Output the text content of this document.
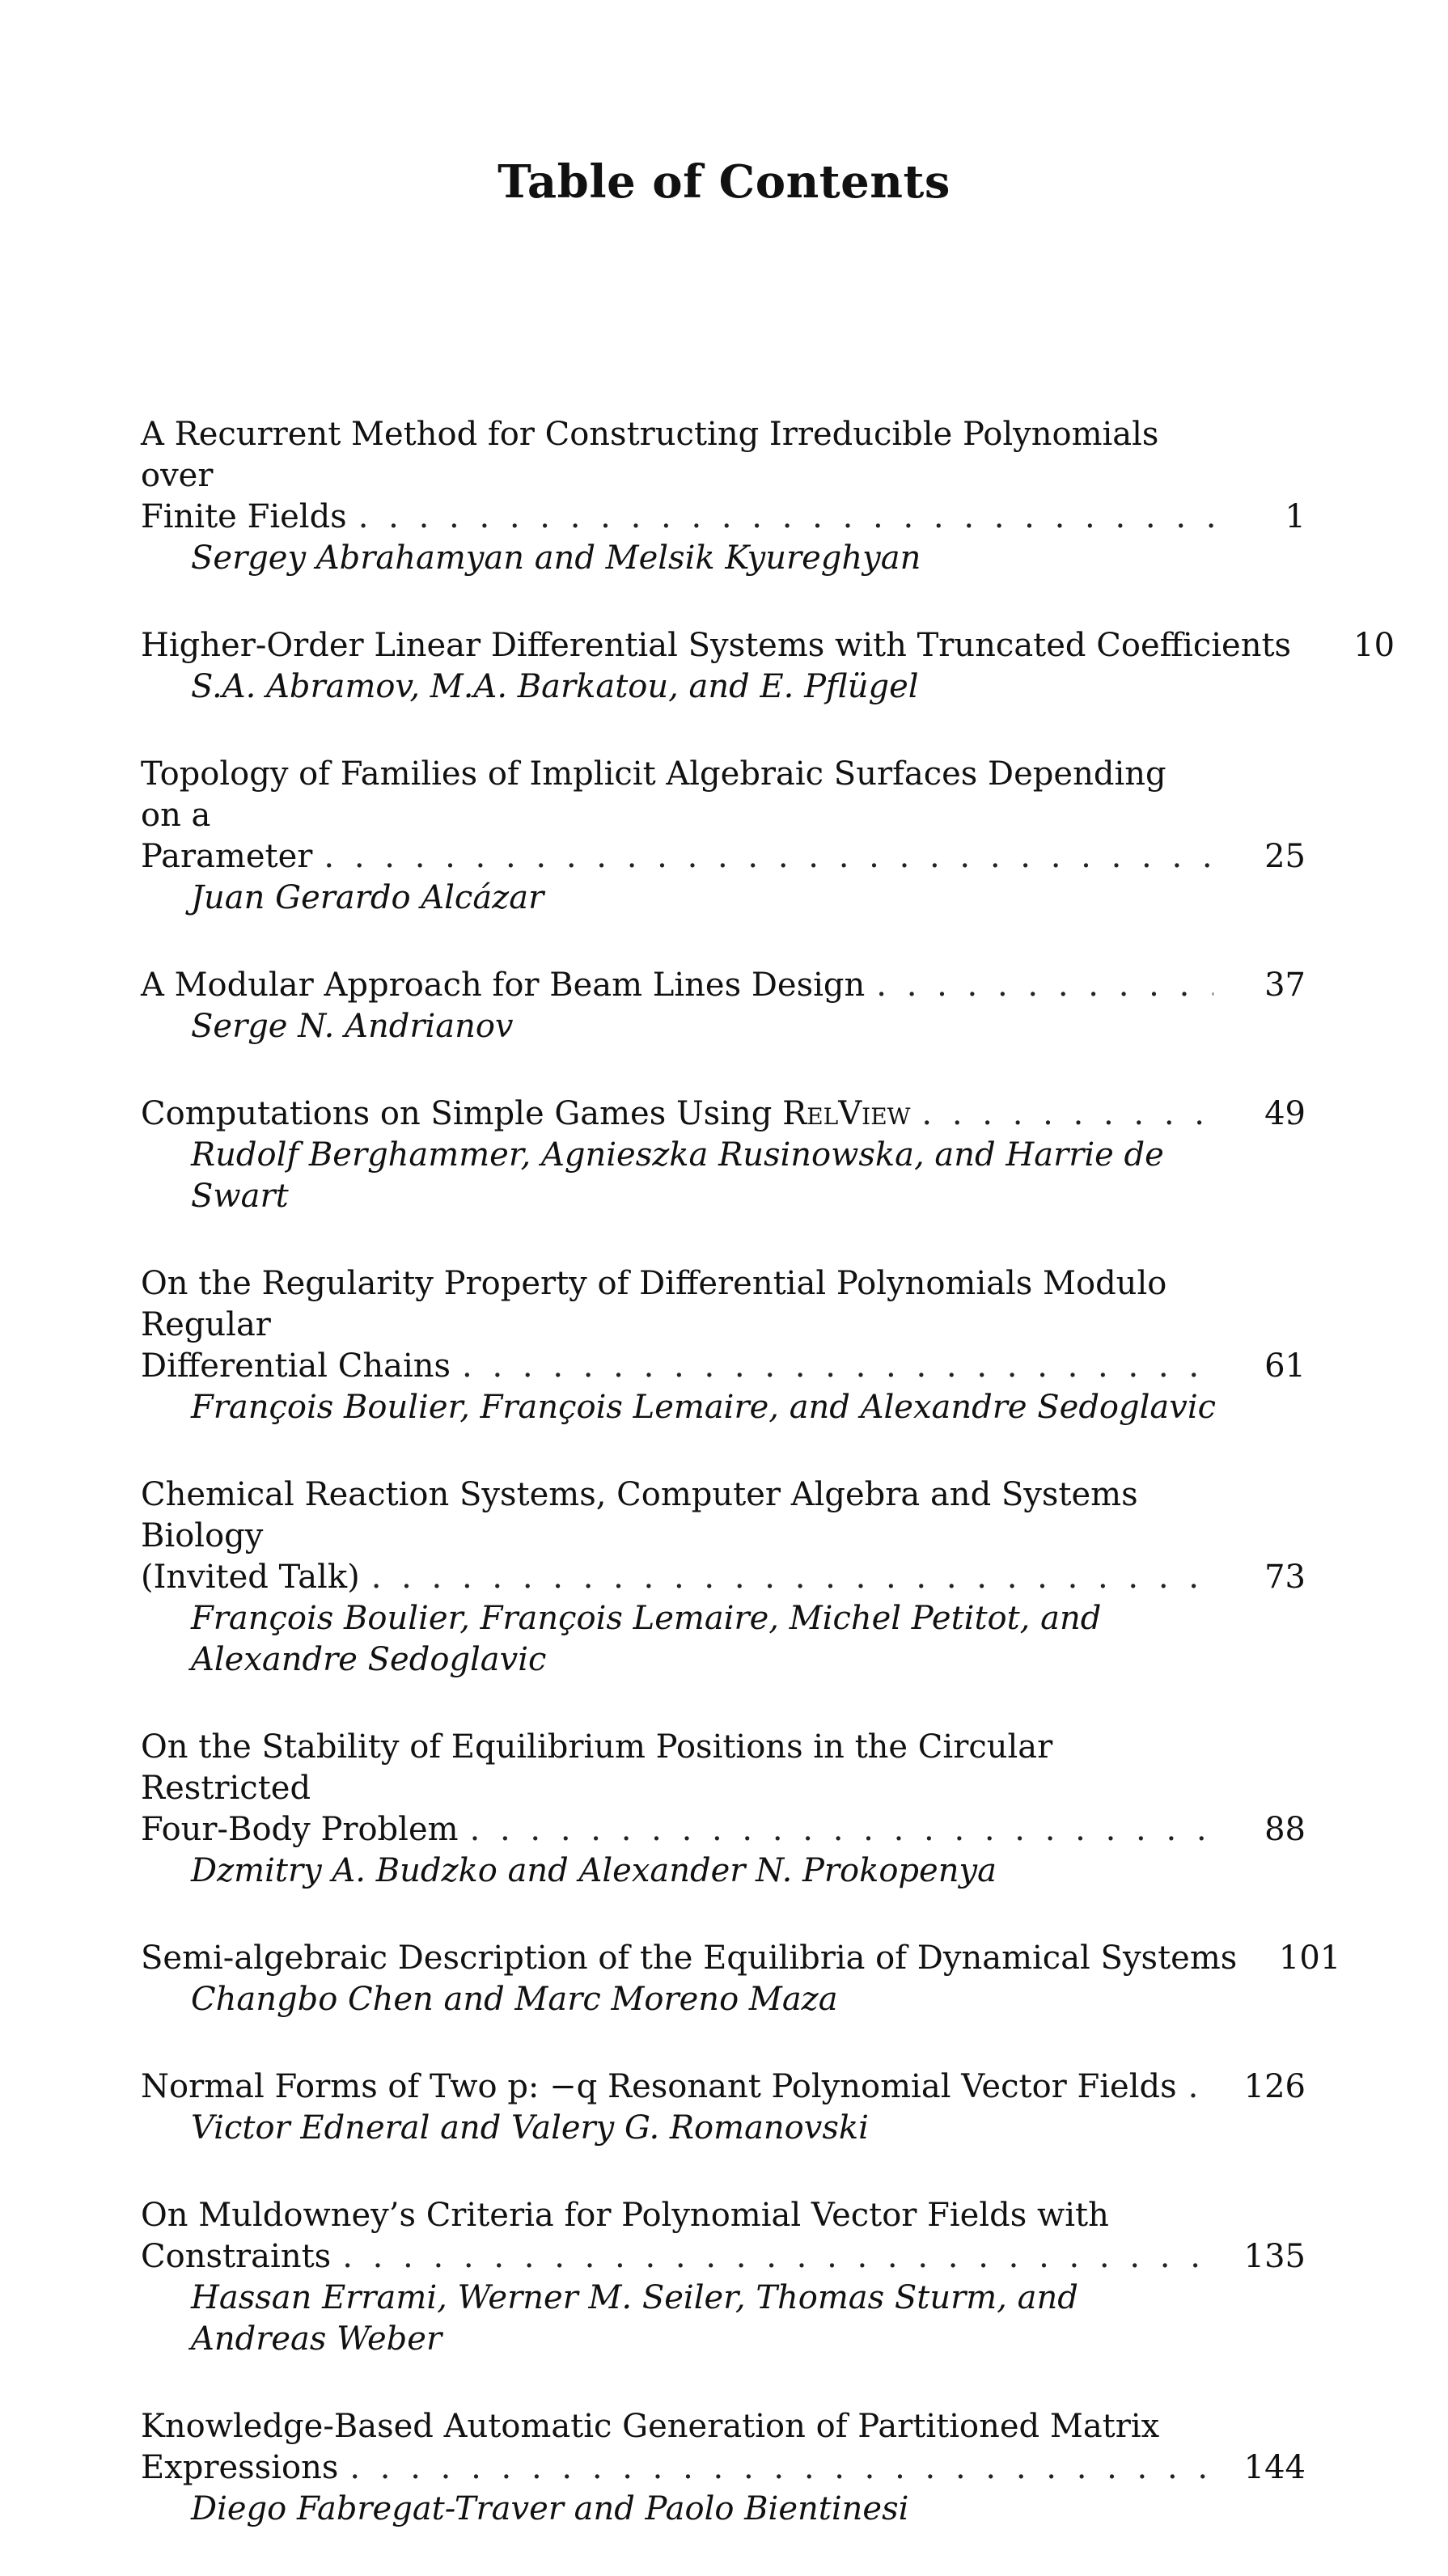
Table of Contents
A Recurrent Method for Constructing Irreducible Polynomials over
Finite Fields . . .	1
Sergey Abrahamyan and Melsik Kyureghyan
Higher-Order Linear Differential Systems with Truncated Coefficients	10
S.A. Abramov, M.A. Barkatou, and E. Pflügel
Topology of Families of Implicit Algebraic Surfaces Depending on a
Parameter . . .	25
Juan Gerardo Alcázar
A Modular Approach for Beam Lines Design . . .	37
Serge N. Andrianov
Computations on Simple Games Using RelView . . .	49
Rudolf Berghammer, Agnieszka Rusinowska, and Harrie de Swart
On the Regularity Property of Differential Polynomials Modulo Regular
Differential Chains . . .	61
François Boulier, François Lemaire, and Alexandre Sedoglavic
Chemical Reaction Systems, Computer Algebra and Systems Biology
(Invited Talk) . . .	73
François Boulier, François Lemaire, Michel Petitot, and
Alexandre Sedoglavic
On the Stability of Equilibrium Positions in the Circular Restricted
Four-Body Problem . . .	88
Dzmitry A. Budzko and Alexander N. Prokopenya
Semi-algebraic Description of the Equilibria of Dynamical Systems	101
Changbo Chen and Marc Moreno Maza
Normal Forms of Two p: −q Resonant Polynomial Vector Fields . . .	126
Victor Edneral and Valery G. Romanovski
On Muldowney’s Criteria for Polynomial Vector Fields with
Constraints . . .	135
Hassan Errami, Werner M. Seiler, Thomas Sturm, and
Andreas Weber
Knowledge-Based Automatic Generation of Partitioned Matrix
Expressions . . .	144
Diego Fabregat-Traver and Paolo Bientinesi
